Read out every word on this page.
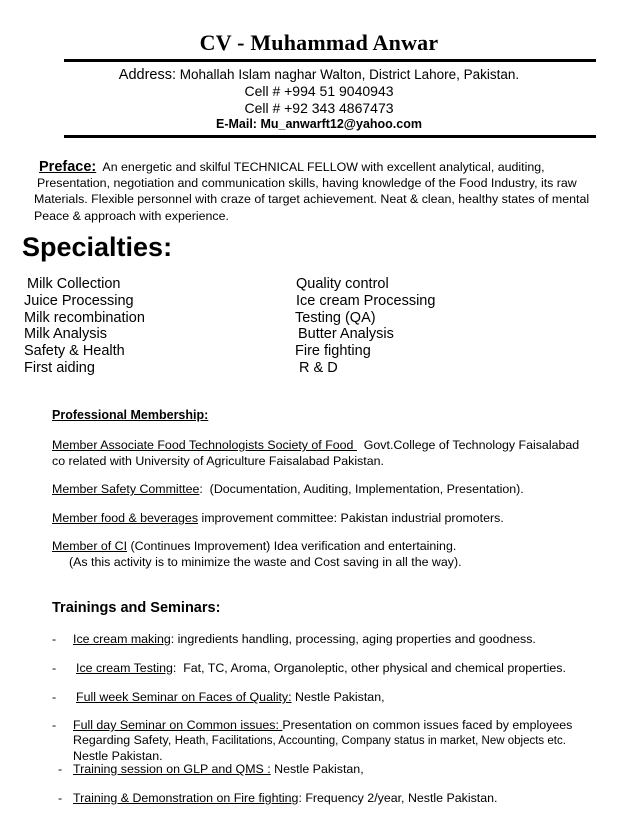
CV - Muhammad Anwar
Address: Mohallah Islam naghar Walton, District Lahore, Pakistan.
Cell # +994 51 9040943
Cell # +92 343 4867473
E-Mail: Mu_anwarft12@yahoo.com
Preface:  An energetic and skilful TECHNICAL FELLOW with excellent analytical, auditing,
Presentation, negotiation and communication skills, having knowledge of the Food Industry, its raw
Materials. Flexible personnel with craze of target achievement. Neat & clean, healthy states of mental
Peace & approach with experience.
Specialties:
Milk Collection
Juice Processing
Milk recombination
Milk Analysis
Safety & Health
First aiding
Quality control
Ice cream Processing
Testing (QA)
Butter Analysis
Fire fighting
R & D
Professional Membership:
Member Associate Food Technologists Society of Food   Govt.College of Technology Faisalabad
co related with University of Agriculture Faisalabad Pakistan.
Member Safety Committee:  (Documentation, Auditing, Implementation, Presentation).
Member food & beverages improvement committee: Pakistan industrial promoters.
Member of CI (Continues Improvement) Idea verification and entertaining.
(As this activity is to minimize the waste and Cost saving in all the way).
Trainings and Seminars:
- Ice cream making: ingredients handling, processing, aging properties and goodness.
- Ice cream Testing:  Fat, TC, Aroma, Organoleptic, other physical and chemical properties.
- Full week Seminar on Faces of Quality: Nestle Pakistan,
- Full day Seminar on Common issues: Presentation on common issues faced by employees
Regarding Safety, Heath, Facilitations, Accounting, Company status in market, New objects etc.
Nestle Pakistan.
- Training session on GLP and QMS : Nestle Pakistan,
- Training & Demonstration on Fire fighting: Frequency 2/year, Nestle Pakistan.
